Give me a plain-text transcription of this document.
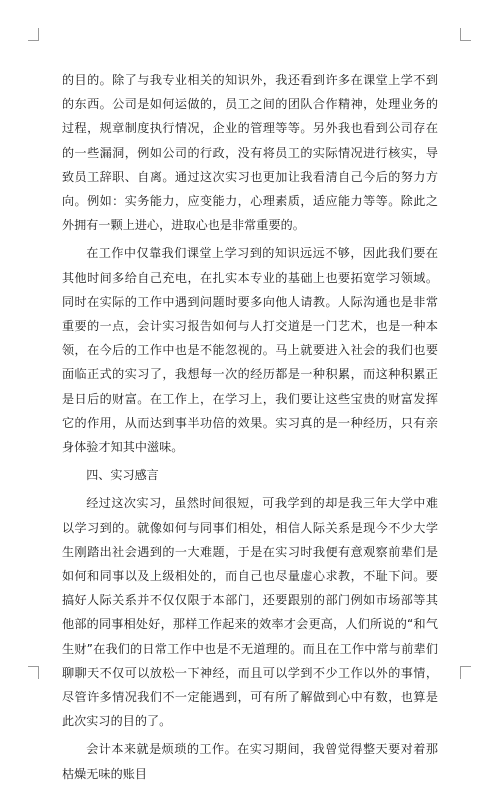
的目的。除了与我专业相关的知识外，我还看到许多在课堂上学不到的东西。公司是如何运做的，员工之间的团队合作精神，处理业务的过程，规章制度执行情况，企业的管理等等。另外我也看到公司存在的一些漏洞，例如公司的行政，没有将员工的实际情况进行核实，导致员工辞职、自离。通过这次实习也更加让我看清自己今后的努力方向。例如：实务能力，应变能力，心理素质，适应能力等等。除此之外拥有一颗上进心，进取心也是非常重要的。

在工作中仅靠我们课堂上学习到的知识远远不够，因此我们要在其他时间多给自己充电，在扎实本专业的基础上也要拓宽学习领域。同时在实际的工作中遇到问题时要多向他人请教。人际沟通也是非常重要的一点，会计实习报告如何与人打交道是一门艺术，也是一种本领，在今后的工作中也是不能忽视的。马上就要进入社会的我们也要面临正式的实习了，我想每一次的经历都是一种积累，而这种积累正是日后的财富。在工作上，在学习上，我们要让这些宝贵的财富发挥它的作用，从而达到事半功倍的效果。实习真的是一种经历，只有亲身体验才知其中滋味。

四、实习感言

经过这次实习，虽然时间很短，可我学到的却是我三年大学中难以学习到的。就像如何与同事们相处，相信人际关系是现今不少大学生刚踏出社会遇到的一大难题，于是在实习时我便有意观察前辈们是如何和同事以及上级相处的，而自己也尽量虚心求教，不耻下问。要搞好人际关系并不仅仅限于本部门，还要跟别的部门例如市场部等其他部的同事相处好，那样工作起来的效率才会更高，人们所说的“和气生财”在我们的日常工作中也是不无道理的。而且在工作中常与前辈们聊聊天不仅可以放松一下神经，而且可以学到不少工作以外的事情，尽管许多情况我们不一定能遇到，可有所了解做到心中有数，也算是此次实习的目的了。

会计本来就是烦琐的工作。在实习期间，我曾觉得整天要对着那枯燥无味的账目
